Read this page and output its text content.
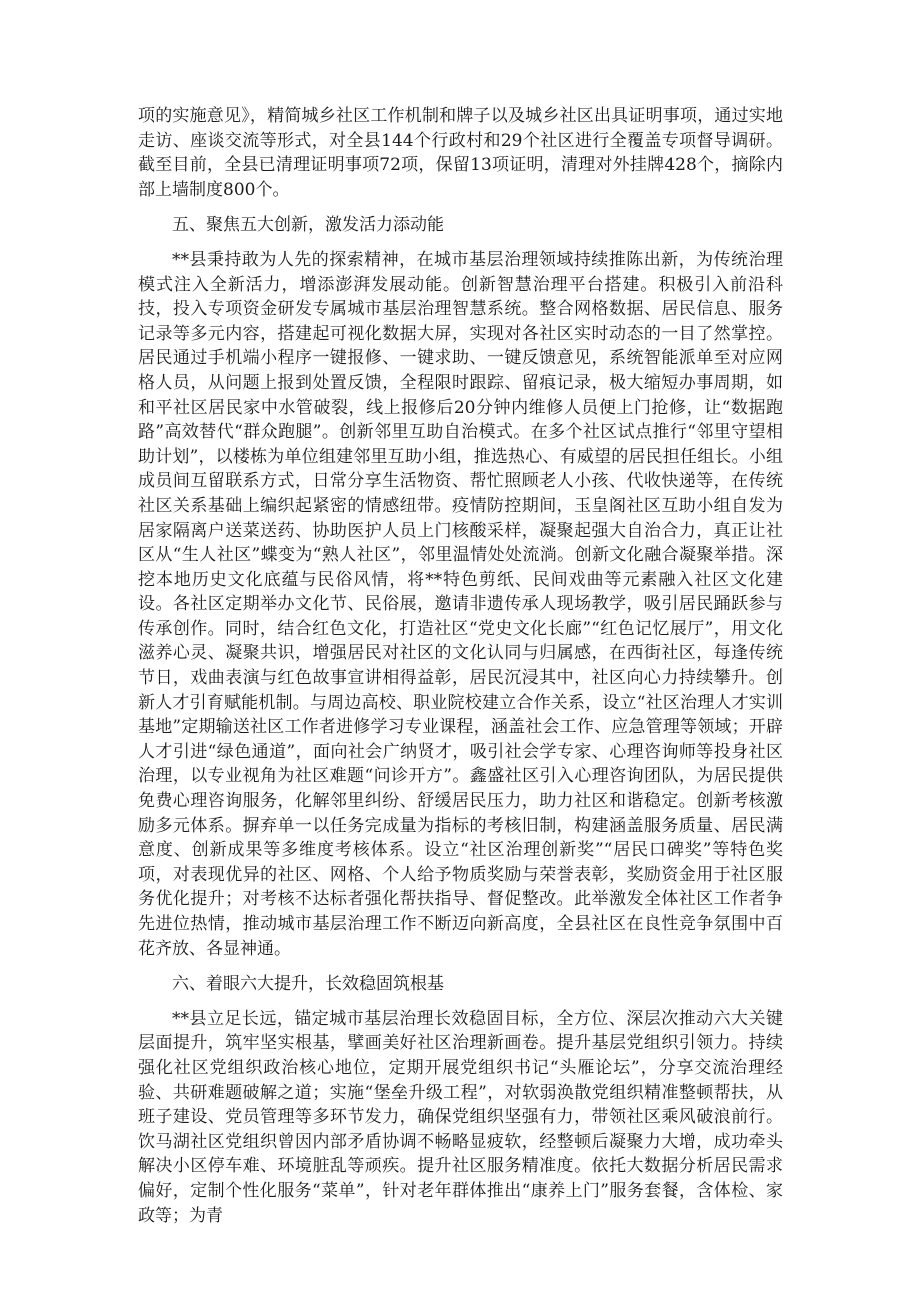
项的实施意见》，精简城乡社区工作机制和牌子以及城乡社区出具证明事项，通过实地走访、座谈交流等形式，对全县144个行政村和29个社区进行全覆盖专项督导调研。截至目前，全县已清理证明事项72项，保留13项证明，清理对外挂牌428个，摘除内部上墙制度800个。

五、聚焦五大创新，激发活力添动能

**县秉持敢为人先的探索精神，在城市基层治理领域持续推陈出新，为传统治理模式注入全新活力，增添澎湃发展动能。创新智慧治理平台搭建。积极引入前沿科技，投入专项资金研发专属城市基层治理智慧系统。整合网格数据、居民信息、服务记录等多元内容，搭建起可视化数据大屏，实现对各社区实时动态的一目了然掌控。居民通过手机端小程序一键报修、一键求助、一键反馈意见，系统智能派单至对应网格人员，从问题上报到处置反馈，全程限时跟踪、留痕记录，极大缩短办事周期，如和平社区居民家中水管破裂，线上报修后20分钟内维修人员便上门抢修，让“数据跑路”高效替代“群众跑腿”。创新邻里互助自治模式。在多个社区试点推行“邻里守望相助计划”，以楼栋为单位组建邻里互助小组，推选热心、有威望的居民担任组长。小组成员间互留联系方式，日常分享生活物资、帮忙照顾老人小孩、代收快递等，在传统社区关系基础上编织起紧密的情感纽带。疫情防控期间，玉皇阁社区互助小组自发为居家隔离户送菜送药、协助医护人员上门核酸采样，凝聚起强大自治合力，真正让社区从“生人社区”蝶变为“熟人社区”，邻里温情处处流淌。创新文化融合凝聚举措。深挖本地历史文化底蕴与民俗风情，将**特色剪纸、民间戏曲等元素融入社区文化建设。各社区定期举办文化节、民俗展，邀请非遗传承人现场教学，吸引居民踊跃参与传承创作。同时，结合红色文化，打造社区“党史文化长廊”“红色记忆展厅”，用文化滋养心灵、凝聚共识，增强居民对社区的文化认同与归属感，在西街社区，每逢传统节日，戏曲表演与红色故事宣讲相得益彰，居民沉浸其中，社区向心力持续攀升。创新人才引育赋能机制。与周边高校、职业院校建立合作关系，设立“社区治理人才实训基地”定期输送社区工作者进修学习专业课程，涵盖社会工作、应急管理等领域；开辟人才引进“绿色通道”，面向社会广纳贤才，吸引社会学专家、心理咨询师等投身社区治理，以专业视角为社区难题“问诊开方”。鑫盛社区引入心理咨询团队，为居民提供免费心理咨询服务，化解邻里纠纷、舒缓居民压力，助力社区和谐稳定。创新考核激励多元体系。摒弃单一以任务完成量为指标的考核旧制，构建涵盖服务质量、居民满意度、创新成果等多维度考核体系。设立“社区治理创新奖”“居民口碑奖”等特色奖项，对表现优异的社区、网格、个人给予物质奖励与荣誉表彰，奖励资金用于社区服务优化提升；对考核不达标者强化帮扶指导、督促整改。此举激发全体社区工作者争先进位热情，推动城市基层治理工作不断迈向新高度，全县社区在良性竞争氛围中百花齐放、各显神通。

六、着眼六大提升，长效稳固筑根基

**县立足长远，锚定城市基层治理长效稳固目标，全方位、深层次推动六大关键层面提升，筑牢坚实根基，擘画美好社区治理新画卷。提升基层党组织引领力。持续强化社区党组织政治核心地位，定期开展党组织书记“头雁论坛”，分享交流治理经验、共研难题破解之道；实施“堡垒升级工程”，对软弱涣散党组织精准整顿帮扶，从班子建设、党员管理等多环节发力，确保党组织坚强有力，带领社区乘风破浪前行。饮马湖社区党组织曾因内部矛盾协调不畅略显疲软，经整顿后凝聚力大增，成功牵头解决小区停车难、环境脏乱等顽疾。提升社区服务精准度。依托大数据分析居民需求偏好，定制个性化服务“菜单”，针对老年群体推出“康养上门”服务套餐，含体检、家政等；为青
